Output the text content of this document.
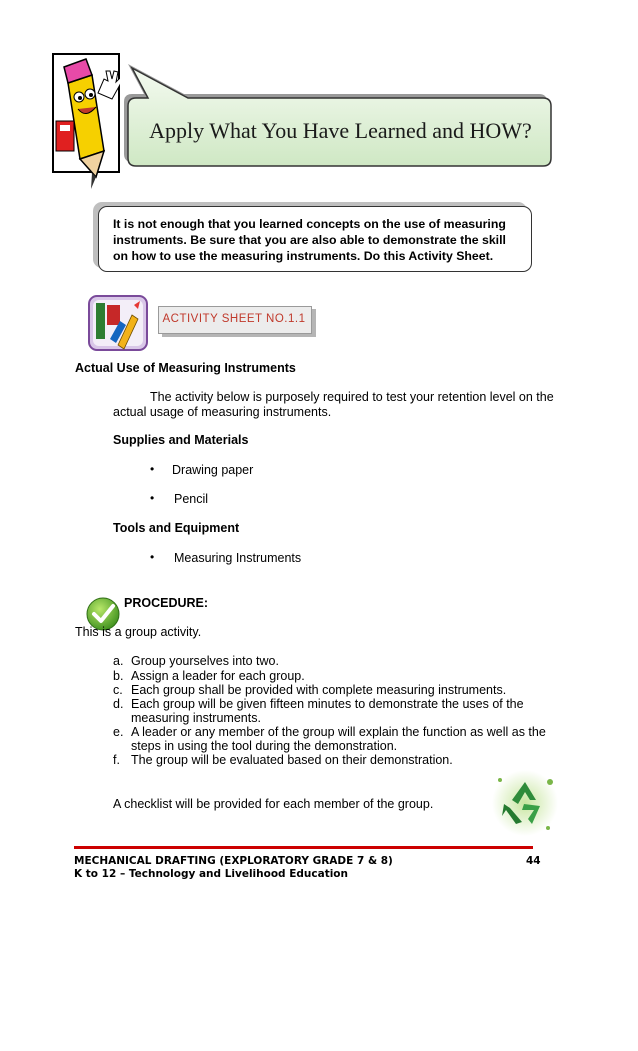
Apply What You Have Learned and HOW?
It is not enough that you learned concepts on the use of measuring
instruments. Be sure that you are also able to demonstrate the skill
on how to use the measuring instruments. Do this Activity Sheet.
ACTIVITY SHEET NO.1.1
Actual Use of Measuring Instruments
The activity below is purposely required to test your retention level on the
actual usage of measuring instruments.
Supplies and Materials
• Drawing paper
• Pencil
Tools and Equipment
• Measuring Instruments
PROCEDURE:
This is a group activity.
a. Group yourselves into two.
b. Assign a leader for each group.
c. Each group shall be provided with complete measuring instruments.
d. Each group will be given fifteen minutes to demonstrate the uses of the
measuring instruments.
e. A leader or any member of the group will explain the function as well as the
steps in using the tool during the demonstration.
f. The group will be evaluated based on their demonstration.
A checklist will be provided for each member of the group.
MECHANICAL DRAFTING (EXPLORATORY GRADE 7 & 8)	44
K to 12 – Technology and Livelihood Education
